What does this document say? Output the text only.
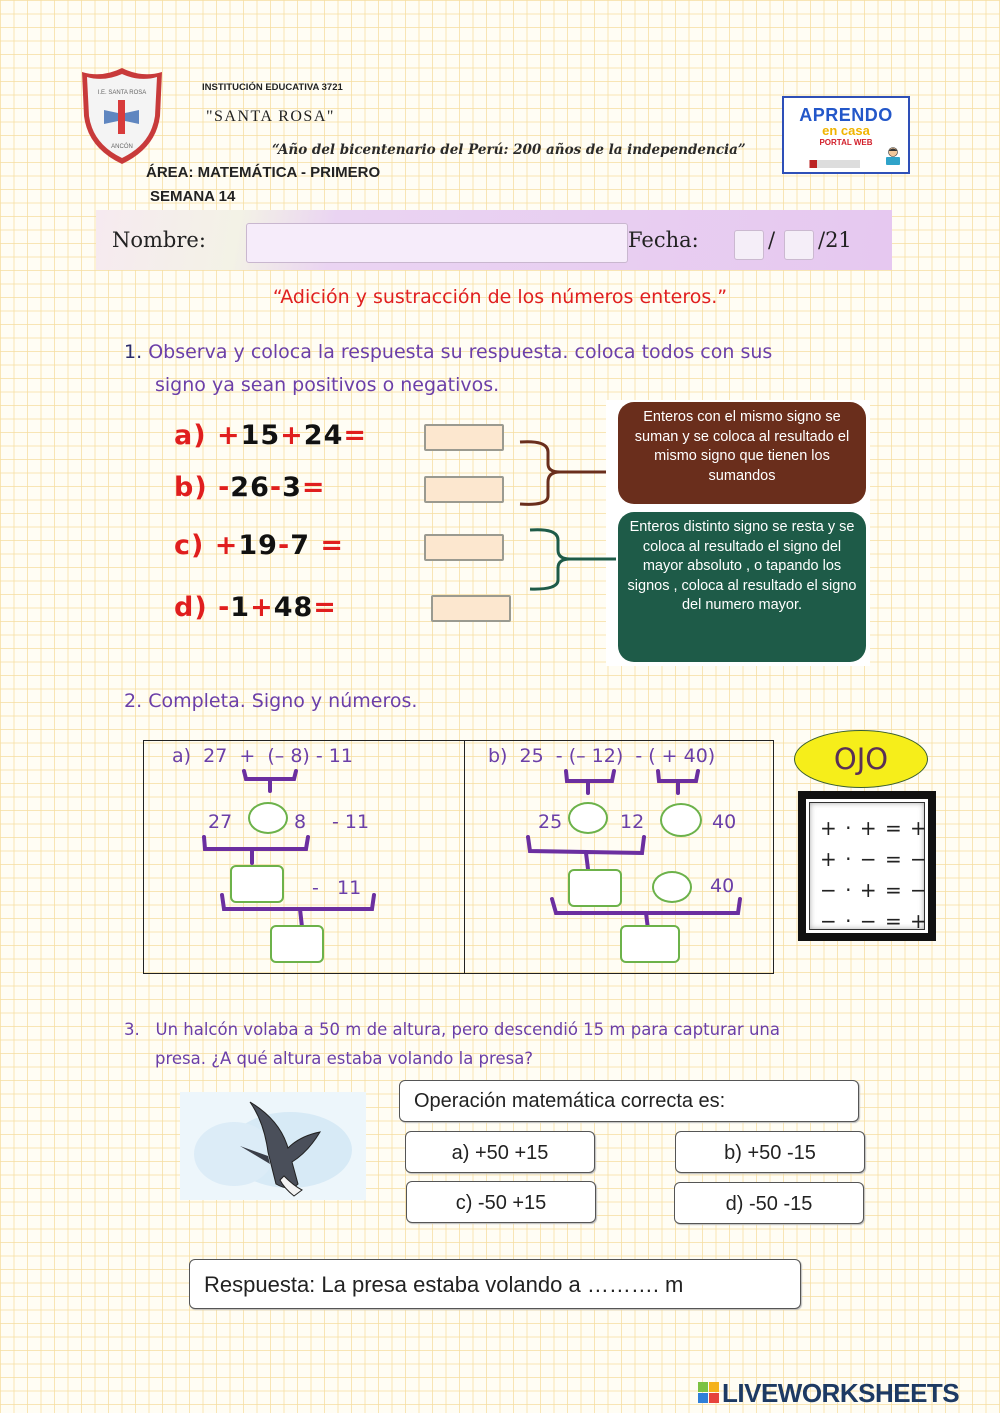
I.E. SANTA ROSA
ANCÓN
INSTITUCIÓN EDUCATIVA 3721
"SANTA ROSA"
“Año del bicentenario del Perú: 200 años de la independencia”
ÁREA: MATEMÁTICA - PRIMERO
SEMANA 14
APRENDO
en casa
PORTAL WEB
Nombre:	Fecha:	/ /21
“Adición y sustracción de los números enteros.”
1. Observa y coloca la respuesta su respuesta. coloca todos con sus
signo ya sean positivos o negativos.
a) +15+24=
b) -26-3=
c) +19-7 =
d) -1+48=
Enteros con el mismo signo se suman y se coloca al resultado el mismo signo que tienen los sumandos
Enteros distinto signo se resta y se coloca al resultado el signo del mayor absoluto , o tapando los signos , coloca al resultado el signo del numero mayor.
2. Completa. Signo y números.
a)  27  +  (– 8) - 11
27	8 - 11
-   11
b)  25  - (– 12)  - ( + 40)
25	12	40
40
OJO
+ · + = +
+ · − = −
− · + = −
− · − = +
3. Un halcón volaba a 50 m de altura, pero descendió 15 m para capturar una
presa. ¿A qué altura estaba volando la presa?
Operación matemática correcta es:
a) +50 +15	b) +50 -15
c) -50 +15	d) -50 -15
Respuesta: La presa estaba volando a ………. m
LIVEWORKSHEETS
